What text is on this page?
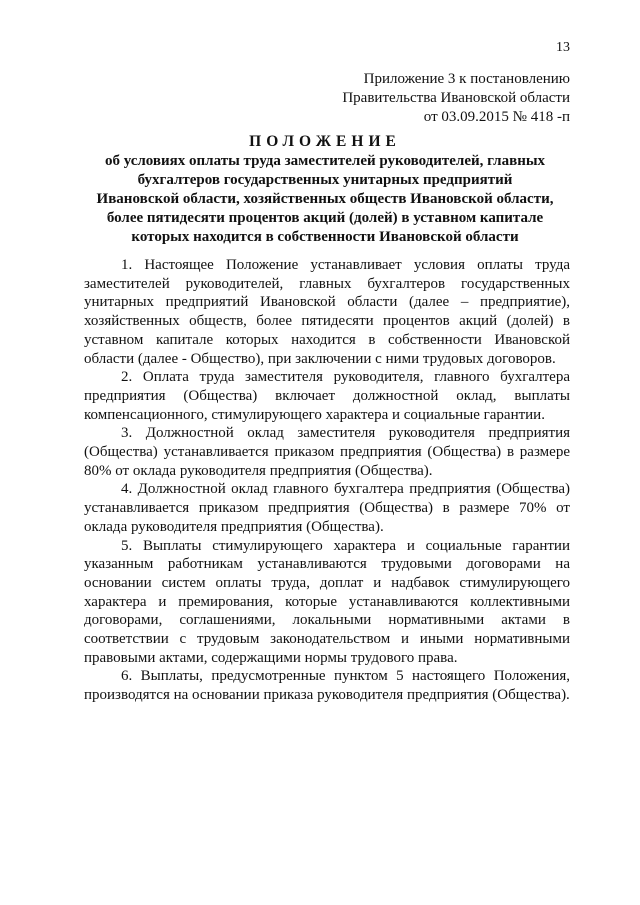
13
Приложение 3 к постановлению
Правительства Ивановской области
от 03.09.2015 № 418 -п
ПОЛОЖЕНИЕ
об условиях оплаты труда заместителей руководителей, главных
бухгалтеров государственных унитарных предприятий
Ивановской области, хозяйственных обществ Ивановской области,
более пятидесяти процентов акций (долей) в уставном капитале
которых находится в собственности Ивановской области

1. Настоящее Положение устанавливает условия оплаты труда заместителей руководителей, главных бухгалтеров государственных унитарных предприятий Ивановской области (далее – предприятие), хозяйственных обществ, более пятидесяти процентов акций (долей) в уставном капитале которых находится в собственности Ивановской области (далее - Общество), при заключении с ними трудовых договоров.

2. Оплата труда заместителя руководителя, главного бухгалтера предприятия (Общества) включает должностной оклад, выплаты компенсационного, стимулирующего характера и социальные гарантии.

3. Должностной оклад заместителя руководителя предприятия (Общества) устанавливается приказом предприятия (Общества) в размере 80% от оклада руководителя предприятия (Общества).

4. Должностной оклад главного бухгалтера предприятия (Общества) устанавливается приказом предприятия (Общества) в размере 70% от оклада руководителя предприятия (Общества).

5. Выплаты стимулирующего характера и социальные гарантии указанным работникам устанавливаются трудовыми договорами на основании систем оплаты труда, доплат и надбавок стимулирующего характера и премирования, которые устанавливаются коллективными договорами, соглашениями, локальными нормативными актами в соответствии с трудовым законодательством и иными нормативными правовыми актами, содержащими нормы трудового права.

6. Выплаты, предусмотренные пунктом 5 настоящего Положения, производятся на основании приказа руководителя предприятия (Общества).
